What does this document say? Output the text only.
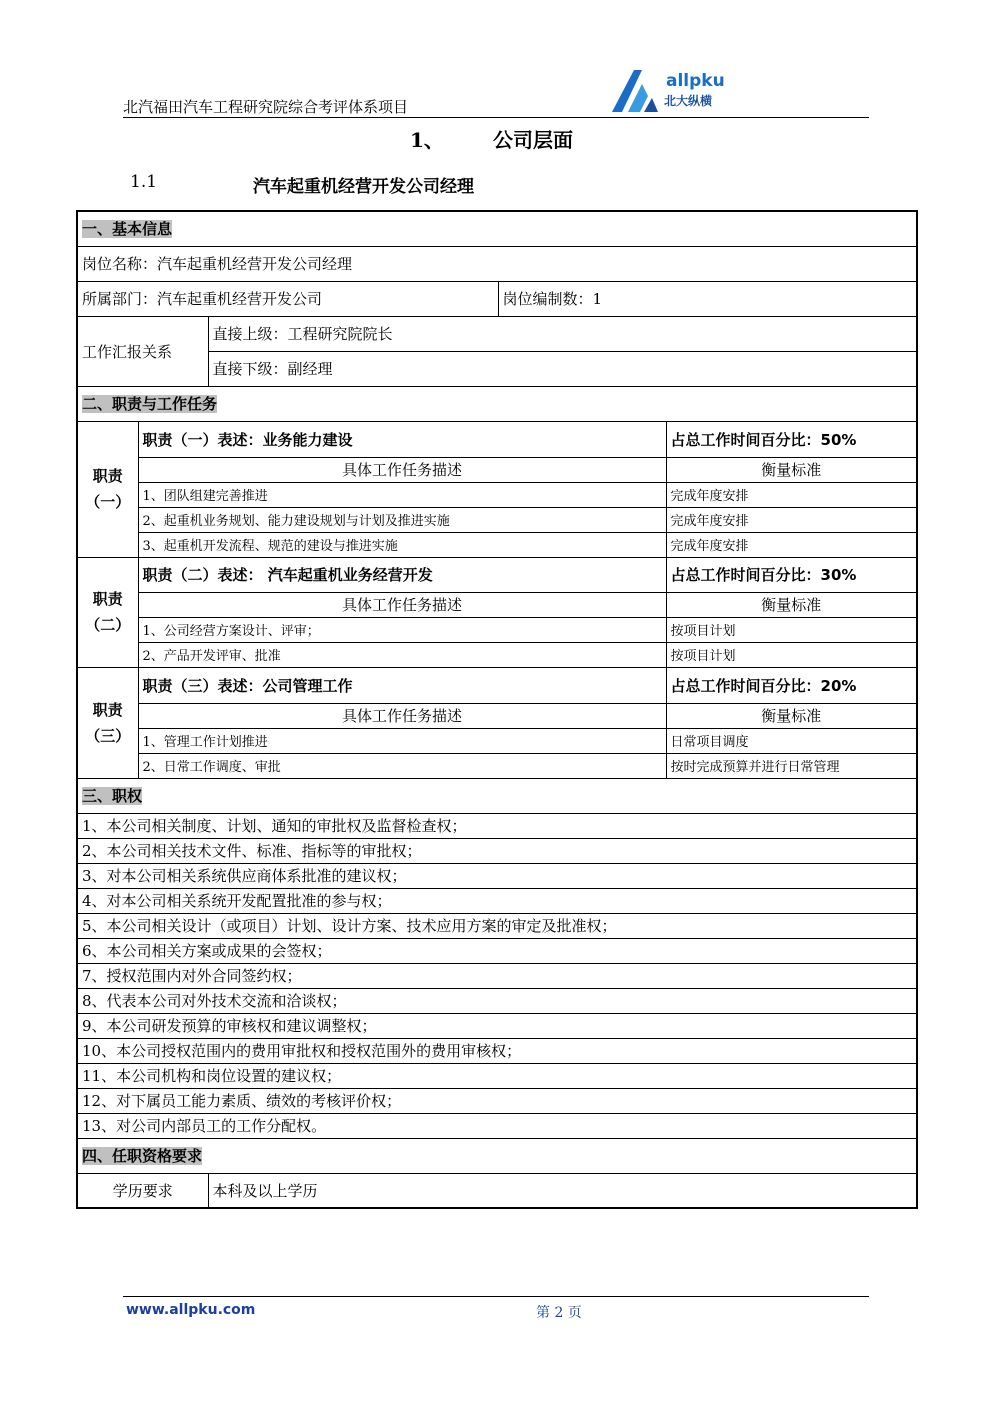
北汽福田汽车工程研究院综合考评体系项目
allpku
北大纵横
1、 公司层面
1.1	汽车起重机经营开发公司经理
一、基本信息				
岗位名称：汽车起重机经营开发公司经理				
所属部门：汽车起重机经营开发公司			岗位编制数：1	
工作汇报关系		直接上级：工程研究院院长		
		直接下级：副经理		
二、职责与工作任务				

职责
（一）	职责（一）表述：业务能力建设			占总工作时间百分比：50%
	具体工作任务描述			衡量标准
	1、团队组建完善推进			完成年度安排
	2、起重机业务规划、能力建设规划与计划及推进实施			完成年度安排
	3、起重机开发流程、规范的建设与推进实施			完成年度安排

职责
（二）	职责（二）表述： 汽车起重机业务经营开发			占总工作时间百分比：30%
	具体工作任务描述			衡量标准
	1、公司经营方案设计、评审；			按项目计划
	2、产品开发评审、批准			按项目计划

职责
（三）	职责（三）表述：公司管理工作			占总工作时间百分比：20%
	具体工作任务描述			衡量标准
	1、管理工作计划推进			日常项目调度
	2、日常工作调度、审批			按时完成预算并进行日常管理
三、职权				
1、本公司相关制度、计划、通知的审批权及监督检查权；				
2、本公司相关技术文件、标准、指标等的审批权；				
3、对本公司相关系统供应商体系批准的建议权；				
4、对本公司相关系统开发配置批准的参与权；				
5、本公司相关设计（或项目）计划、设计方案、技术应用方案的审定及批准权；				
6、本公司相关方案或成果的会签权；				
7、授权范围内对外合同签约权；				
8、代表本公司对外技术交流和洽谈权；				
9、本公司研发预算的审核权和建议调整权；				
10、本公司授权范围内的费用审批权和授权范围外的费用审核权；				
11、本公司机构和岗位设置的建议权；				
12、对下属员工能力素质、绩效的考核评价权；				
13、对公司内部员工的工作分配权。				
四、任职资格要求				
学历要求		本科及以上学历		
www.allpku.com	第 2 页
